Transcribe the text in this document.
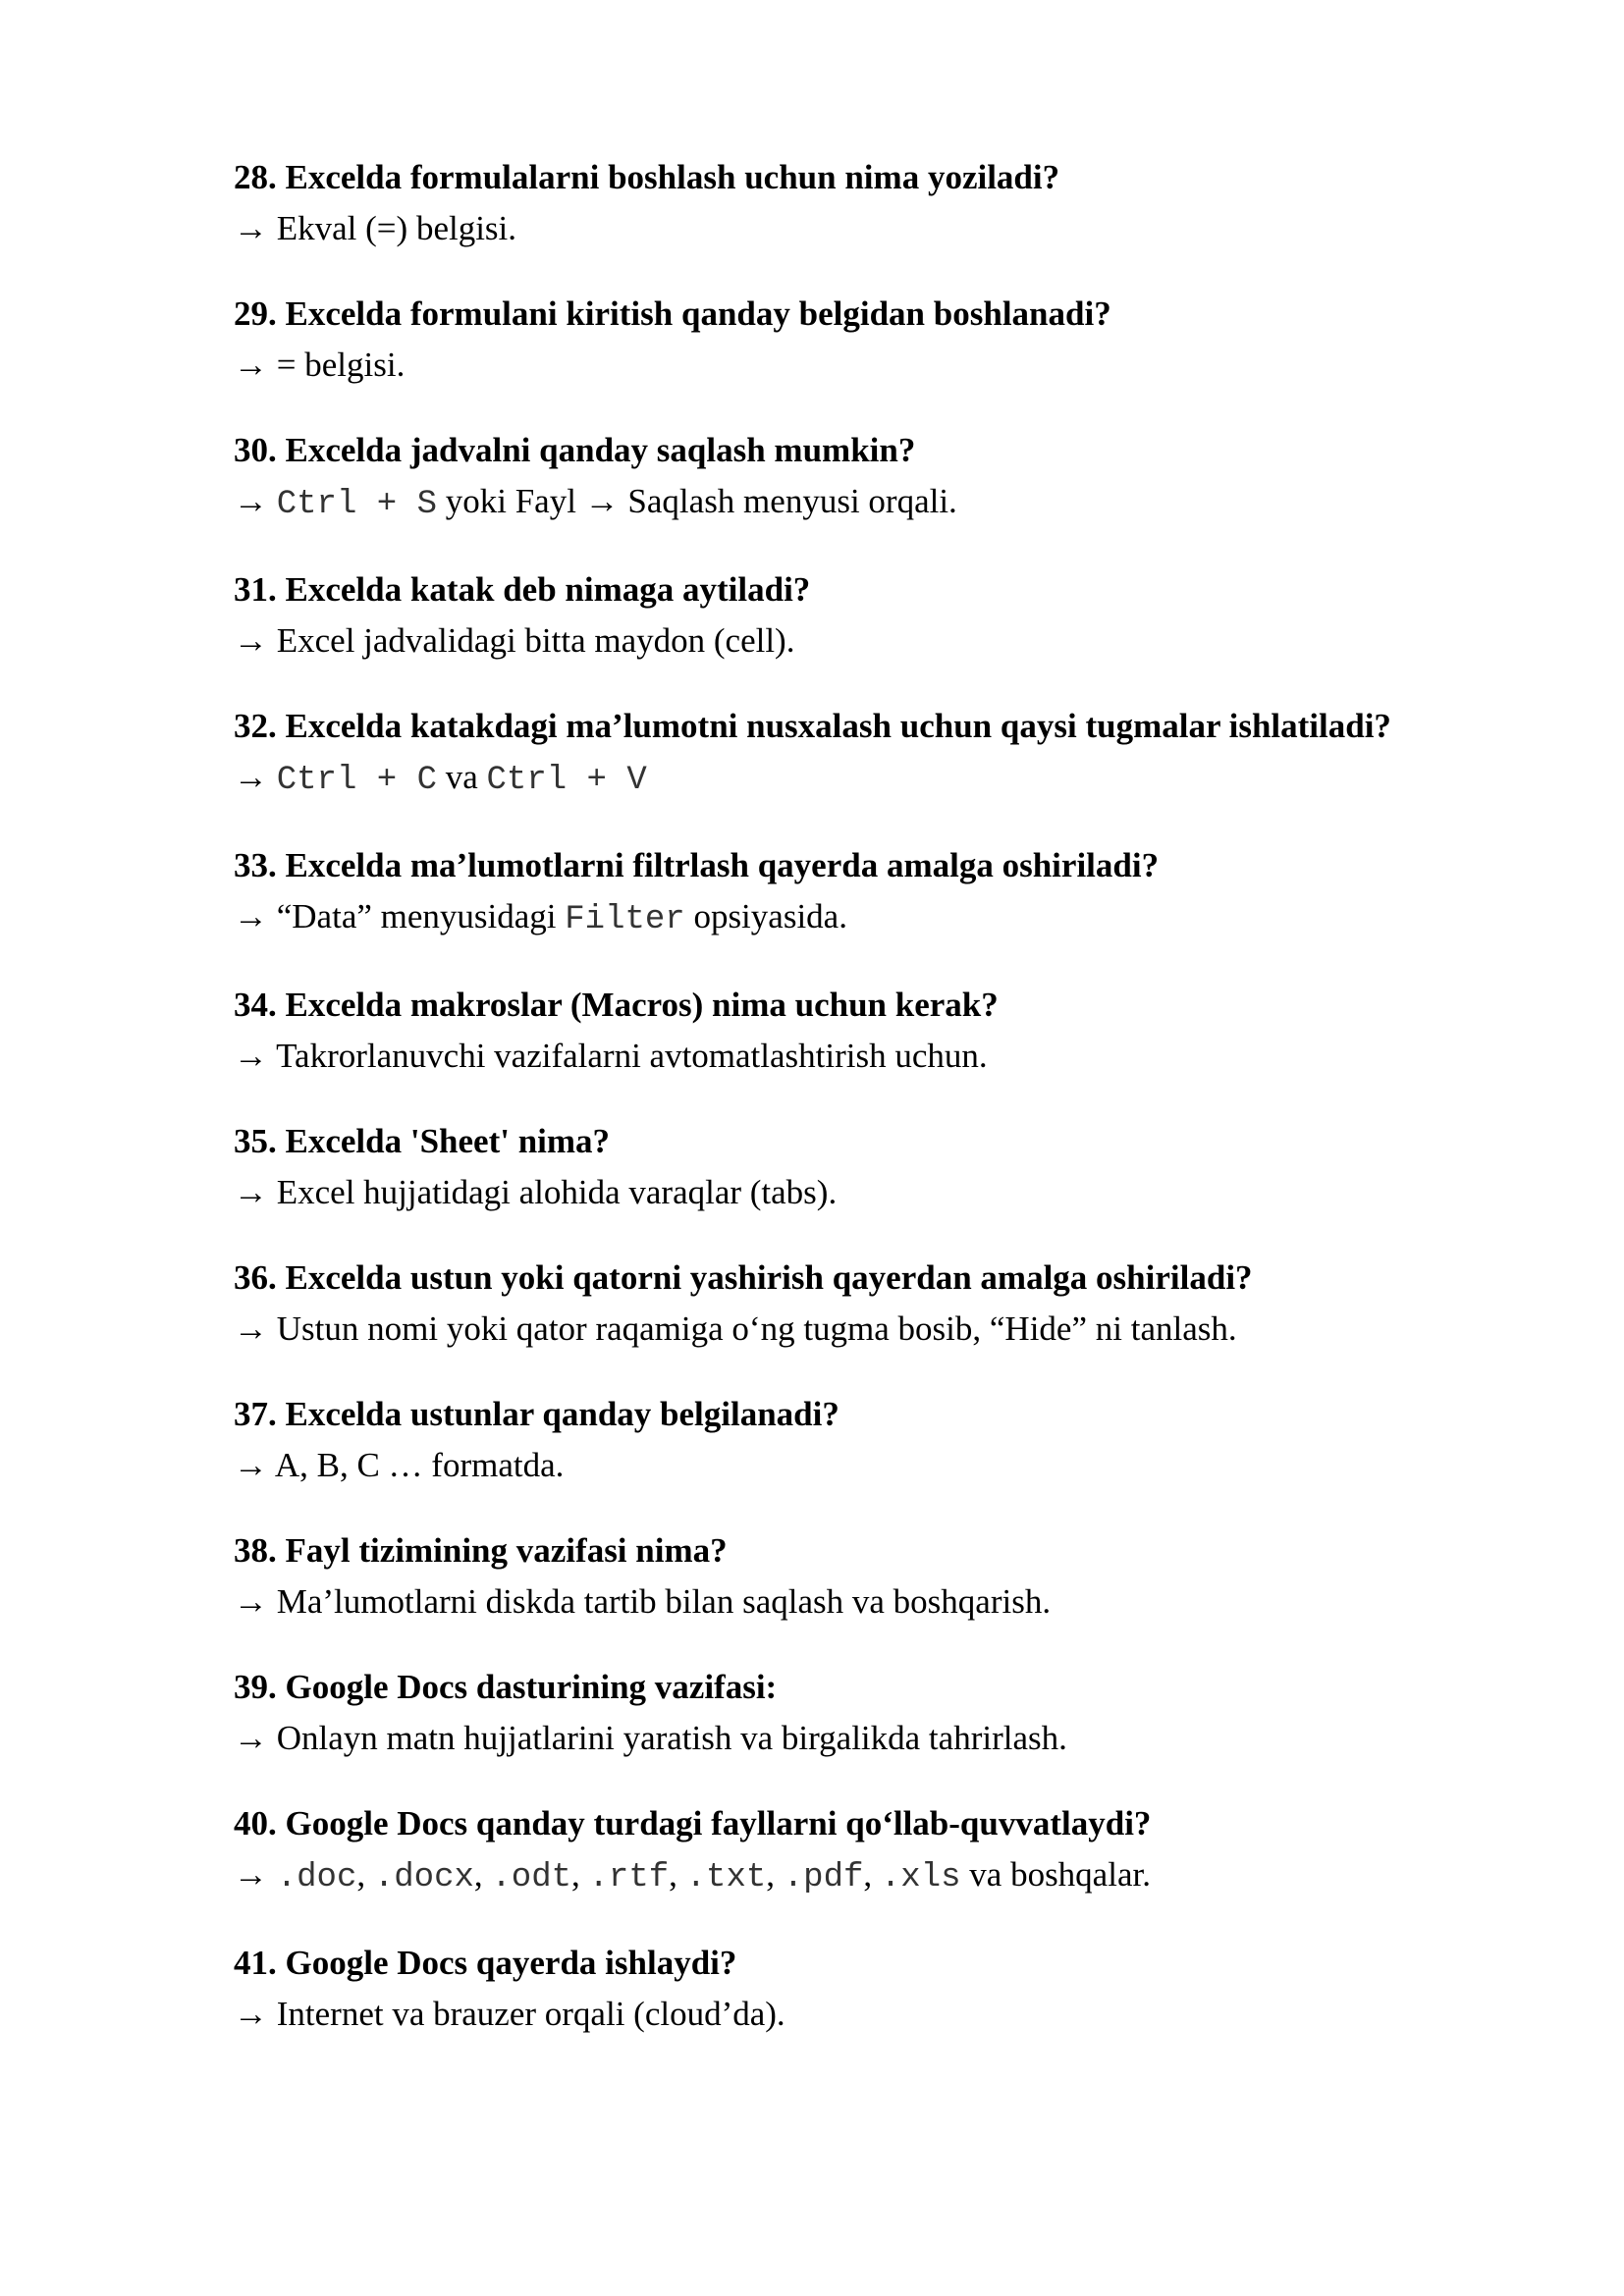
28. Excelda formulalarni boshlash uchun nima yoziladi?

→ Ekval (=) belgisi.

29. Excelda formulani kiritish qanday belgidan boshlanadi?

→ = belgisi.

30. Excelda jadvalni qanday saqlash mumkin?

→ Ctrl + S yoki Fayl → Saqlash menyusi orqali.

31. Excelda katak deb nimaga aytiladi?

→ Excel jadvalidagi bitta maydon (cell).

32. Excelda katakdagi ma’lumotni nusxalash uchun qaysi tugmalar ishlatiladi?

→ Ctrl + C va Ctrl + V

33. Excelda ma’lumotlarni filtrlash qayerda amalga oshiriladi?

→ “Data” menyusidagi Filter opsiyasida.

34. Excelda makroslar (Macros) nima uchun kerak?

→ Takrorlanuvchi vazifalarni avtomatlashtirish uchun.

35. Excelda 'Sheet' nima?

→ Excel hujjatidagi alohida varaqlar (tabs).

36. Excelda ustun yoki qatorni yashirish qayerdan amalga oshiriladi?

→ Ustun nomi yoki qator raqamiga o‘ng tugma bosib, “Hide” ni tanlash.

37. Excelda ustunlar qanday belgilanadi?

→ A, B, C … formatda.

38. Fayl tizimining vazifasi nima?

→ Ma’lumotlarni diskda tartib bilan saqlash va boshqarish.

39. Google Docs dasturining vazifasi:

→ Onlayn matn hujjatlarini yaratish va birgalikda tahrirlash.

40. Google Docs qanday turdagi fayllarni qo‘llab-quvvatlaydi?

→ .doc, .docx, .odt, .rtf, .txt, .pdf, .xls va boshqalar.

41. Google Docs qayerda ishlaydi?

→ Internet va brauzer orqali (cloud’da).
